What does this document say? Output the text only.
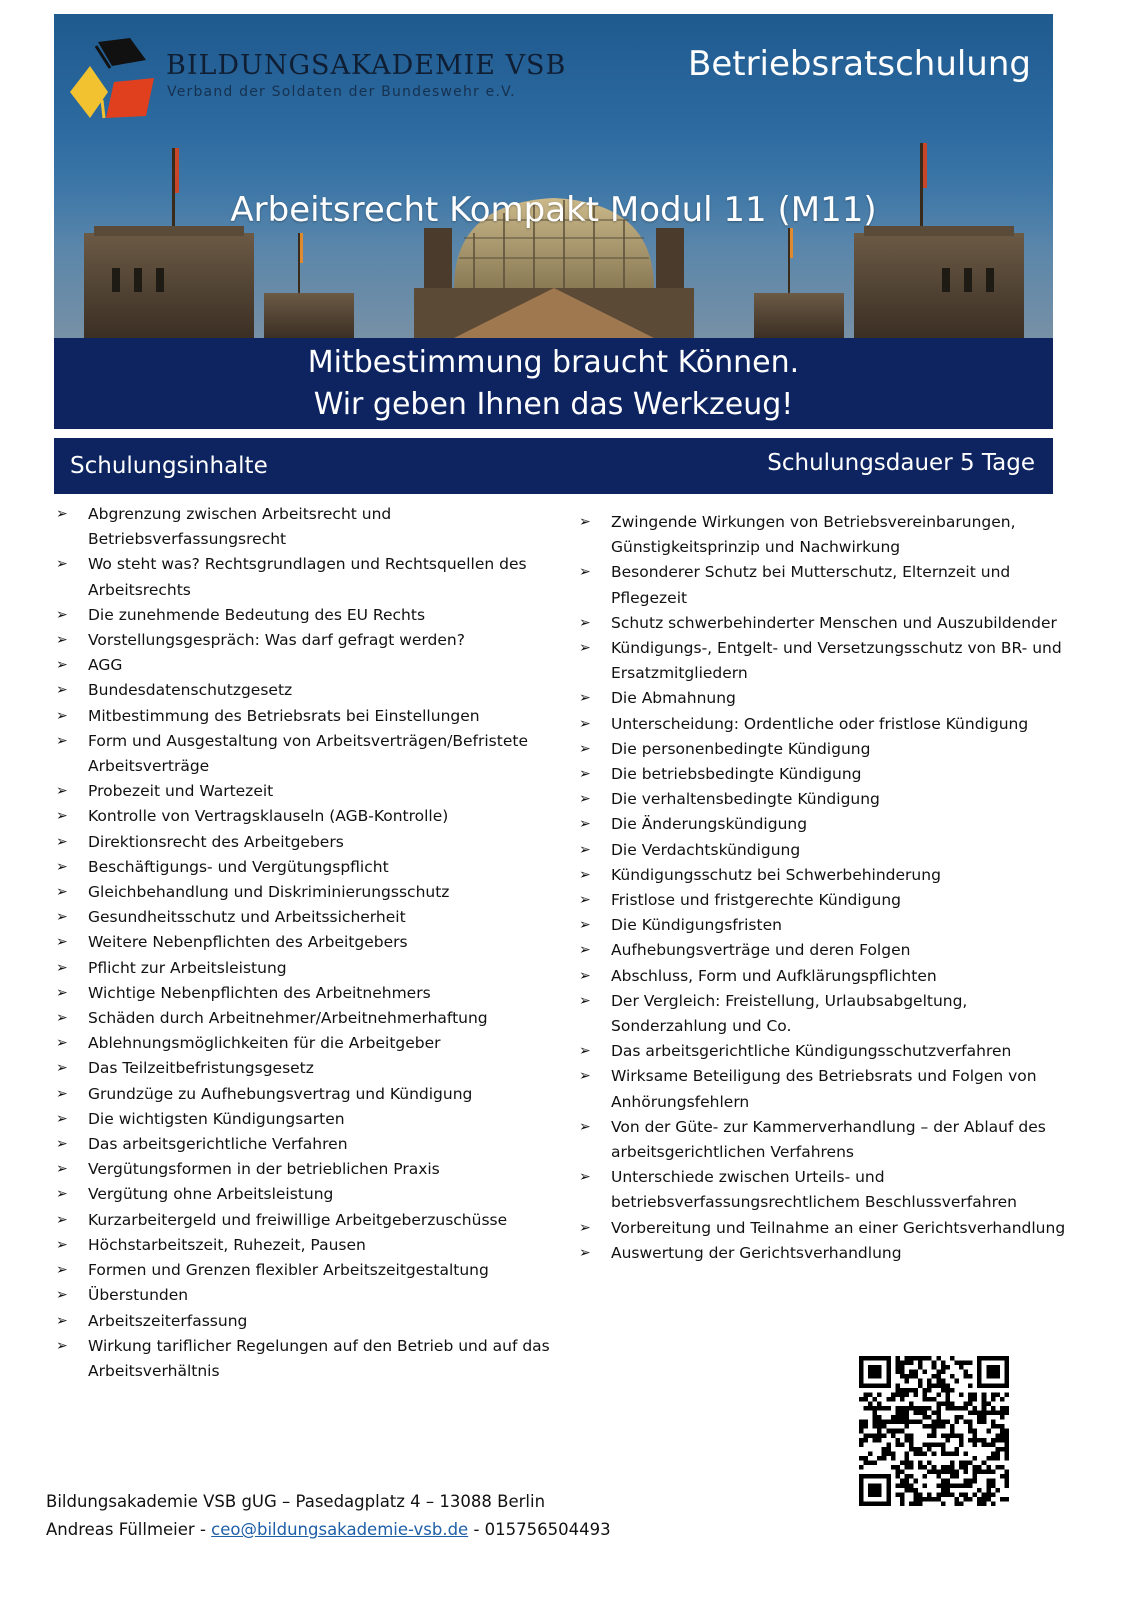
BILDUNGSAKADEMIE VSB
Verband der Soldaten der Bundeswehr e.V.
Betriebsratschulung
Arbeitsrecht Kompakt Modul 11 (M11)
Mitbestimmung braucht Können.
Wir geben Ihnen das Werkzeug!
Schulungsinhalte	Schulungsdauer 5 Tage
➢ Abgrenzung zwischen Arbeitsrecht und Betriebsverfassungsrecht
➢ Wo steht was? Rechtsgrundlagen und Rechtsquellen des Arbeitsrechts
➢ Die zunehmende Bedeutung des EU Rechts
➢ Vorstellungsgespräch: Was darf gefragt werden?
➢ AGG
➢ Bundesdatenschutzgesetz
➢ Mitbestimmung des Betriebsrats bei Einstellungen
➢ Form und Ausgestaltung von Arbeitsverträgen/Befristete Arbeitsverträge
➢ Probezeit und Wartezeit
➢ Kontrolle von Vertragsklauseln (AGB-Kontrolle)
➢ Direktionsrecht des Arbeitgebers
➢ Beschäftigungs- und Vergütungspflicht
➢ Gleichbehandlung und Diskriminierungsschutz
➢ Gesundheitsschutz und Arbeitssicherheit
➢ Weitere Nebenpflichten des Arbeitgebers
➢ Pflicht zur Arbeitsleistung
➢ Wichtige Nebenpflichten des Arbeitnehmers
➢ Schäden durch Arbeitnehmer/Arbeitnehmerhaftung
➢ Ablehnungsmöglichkeiten für die Arbeitgeber
➢ Das Teilzeitbefristungsgesetz
➢ Grundzüge zu Aufhebungsvertrag und Kündigung
➢ Die wichtigsten Kündigungsarten
➢ Das arbeitsgerichtliche Verfahren
➢ Vergütungsformen in der betrieblichen Praxis
➢ Vergütung ohne Arbeitsleistung
➢ Kurzarbeitergeld und freiwillige Arbeitgeberzuschüsse
➢ Höchstarbeitszeit, Ruhezeit, Pausen
➢ Formen und Grenzen flexibler Arbeitszeitgestaltung
➢ Überstunden
➢ Arbeitszeiterfassung
➢ Wirkung tariflicher Regelungen auf den Betrieb und auf das Arbeitsverhältnis
➢ Zwingende Wirkungen von Betriebsvereinbarungen, Günstigkeitsprinzip und Nachwirkung
➢ Besonderer Schutz bei Mutterschutz, Elternzeit und Pflegezeit
➢ Schutz schwerbehinderter Menschen und Auszubildender
➢ Kündigungs-, Entgelt- und Versetzungsschutz von BR- und Ersatzmitgliedern
➢ Die Abmahnung
➢ Unterscheidung: Ordentliche oder fristlose Kündigung
➢ Die personenbedingte Kündigung
➢ Die betriebsbedingte Kündigung
➢ Die verhaltensbedingte Kündigung
➢ Die Änderungskündigung
➢ Die Verdachtskündigung
➢ Kündigungsschutz bei Schwerbehinderung
➢ Fristlose und fristgerechte Kündigung
➢ Die Kündigungsfristen
➢ Aufhebungsverträge und deren Folgen
➢ Abschluss, Form und Aufklärungspflichten
➢ Der Vergleich: Freistellung, Urlaubsabgeltung, Sonderzahlung und Co.
➢ Das arbeitsgerichtliche Kündigungsschutzverfahren
➢ Wirksame Beteiligung des Betriebsrats und Folgen von Anhörungsfehlern
➢ Von der Güte- zur Kammerverhandlung – der Ablauf des arbeitsgerichtlichen Verfahrens
➢ Unterschiede zwischen Urteils- und betriebsverfassungsrechtlichem Beschlussverfahren
➢ Vorbereitung und Teilnahme an einer Gerichtsverhandlung
➢ Auswertung der Gerichtsverhandlung
Bildungsakademie VSB gUG – Pasedagplatz 4 – 13088 Berlin
Andreas Füllmeier - ceo@bildungsakademie-vsb.de - 015756504493
